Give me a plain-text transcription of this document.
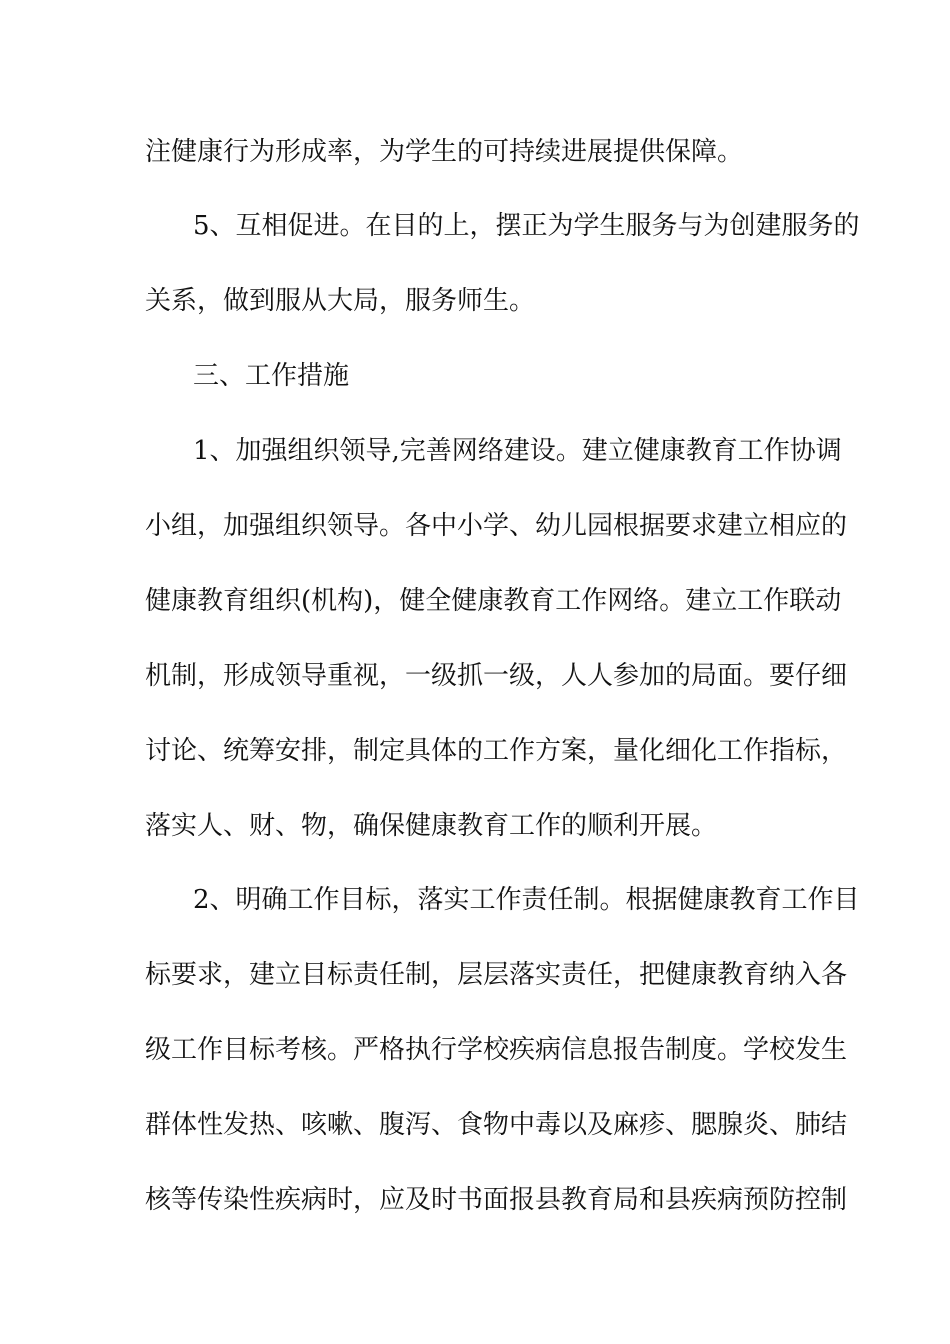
注健康行为形成率，为学生的可持续进展提供保障。
5、互相促进。在目的上，摆正为学生服务与为创建服务的
关系，做到服从大局，服务师生。
三、工作措施
1、加强组织领导,完善网络建设。建立健康教育工作协调
小组，加强组织领导。各中小学、幼儿园根据要求建立相应的
健康教育组织(机构)，健全健康教育工作网络。建立工作联动
机制，形成领导重视，一级抓一级，人人参加的局面。要仔细
讨论、统筹安排，制定具体的工作方案，量化细化工作指标，
落实人、财、物，确保健康教育工作的顺利开展。
2、明确工作目标，落实工作责任制。根据健康教育工作目
标要求，建立目标责任制，层层落实责任，把健康教育纳入各
级工作目标考核。严格执行学校疾病信息报告制度。学校发生
群体性发热、咳嗽、腹泻、食物中毒以及麻疹、腮腺炎、肺结
核等传染性疾病时，应及时书面报县教育局和县疾病预防控制
